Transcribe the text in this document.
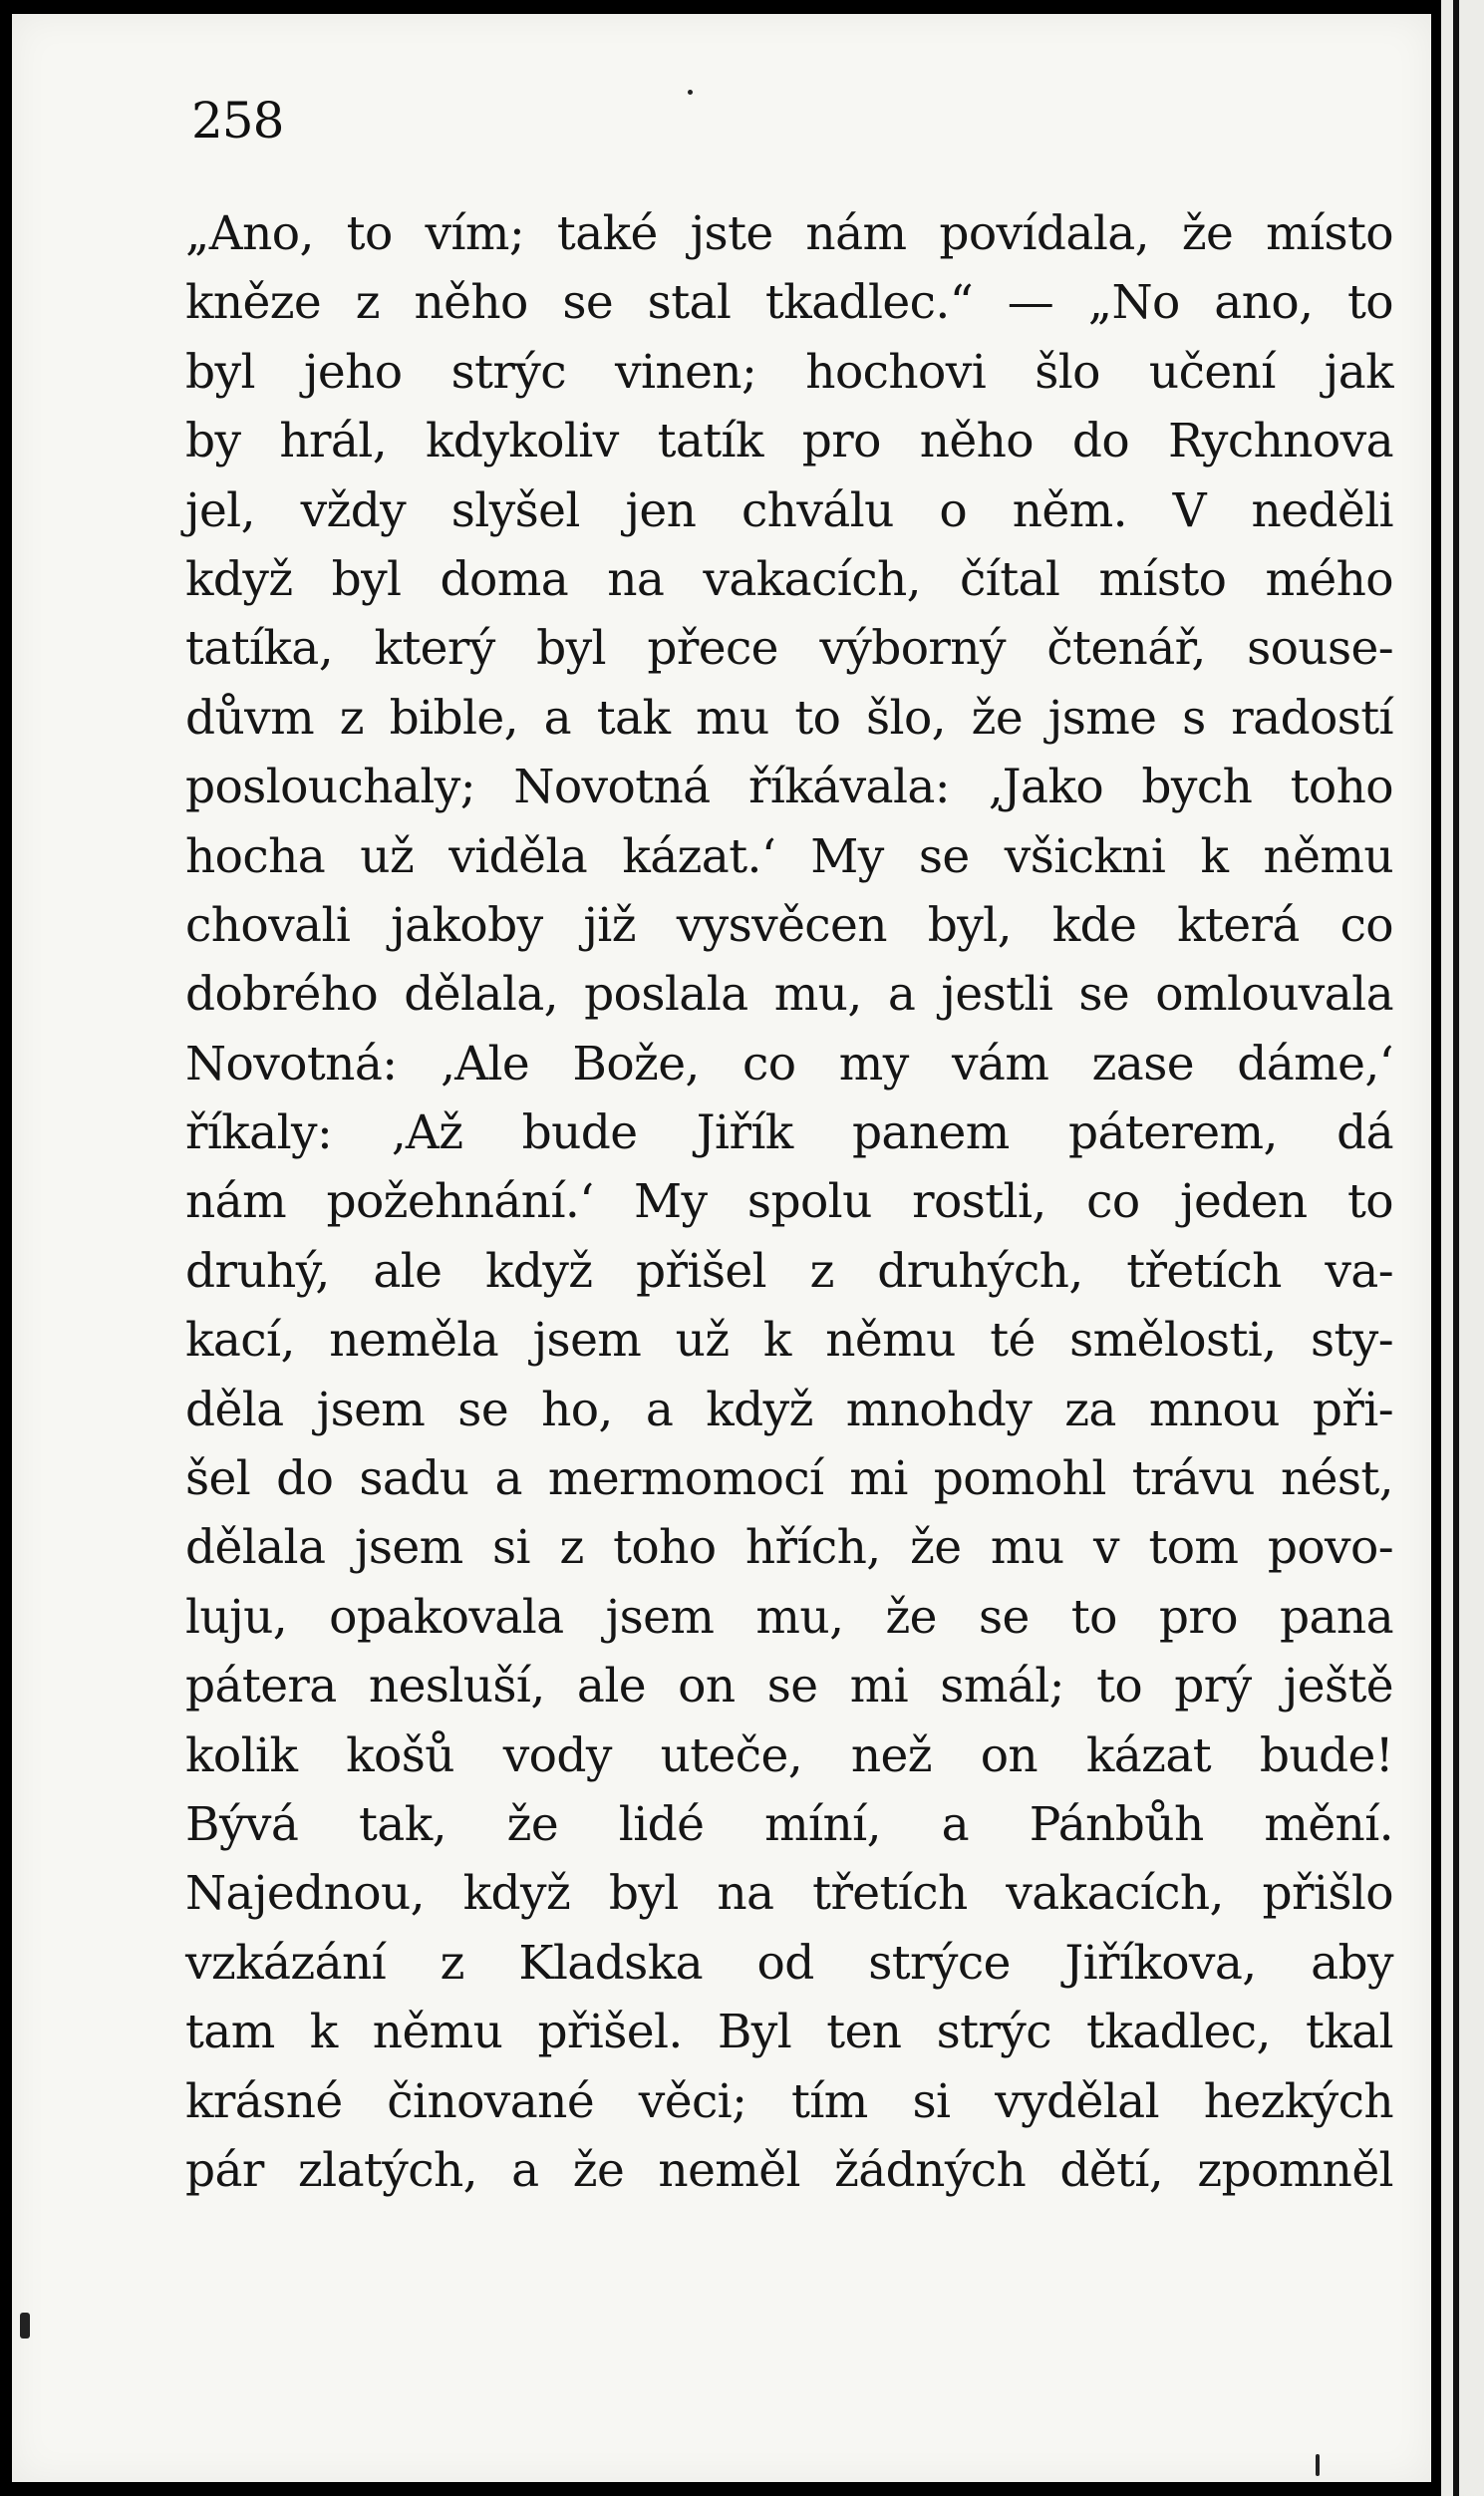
258
„Ano, to vím; také jste nám povídala, že místo
kněze z něho se stal tkadlec.“ — „No ano, to
byl jeho strýc vinen; hochovi šlo učení jak
by hrál, kdykoliv tatík pro něho do Rychnova
jel, vždy slyšel jen chválu o něm. V neděli
když byl doma na vakacích, čítal místo mého
tatíka, který byl přece výborný čtenář, souse-
důvm z bible, a tak mu to šlo, že jsme s radostí
poslouchaly; Novotná říkávala: ‚Jako bych toho
hocha už viděla kázat.‘ My se všickni k němu
chovali jakoby již vysvěcen byl, kde která co
dobrého dělala, poslala mu, a jestli se omlouvala
Novotná: ‚Ale Bože, co my vám zase dáme,‘
říkaly: ‚Až bude Jiřík panem páterem, dá
nám požehnání.‘ My spolu rostli, co jeden to
druhý, ale když přišel z druhých, třetích va-
kací, neměla jsem už k němu té smělosti, sty-
děla jsem se ho, a když mnohdy za mnou při-
šel do sadu a mermomocí mi pomohl trávu nést,
dělala jsem si z toho hřích, že mu v tom povo-
luju, opakovala jsem mu, že se to pro pana
pátera nesluší, ale on se mi smál; to prý ještě
kolik košů vody uteče, než on kázat bude!
Bývá tak, že lidé míní, a Pánbůh mění.
Najednou, když byl na třetích vakacích, přišlo
vzkázání z Kladska od strýce Jiříkova, aby
tam k němu přišel. Byl ten strýc tkadlec, tkal
krásné činované věci; tím si vydělal hezkých
pár zlatých, a že neměl žádných dětí, zpomněl
